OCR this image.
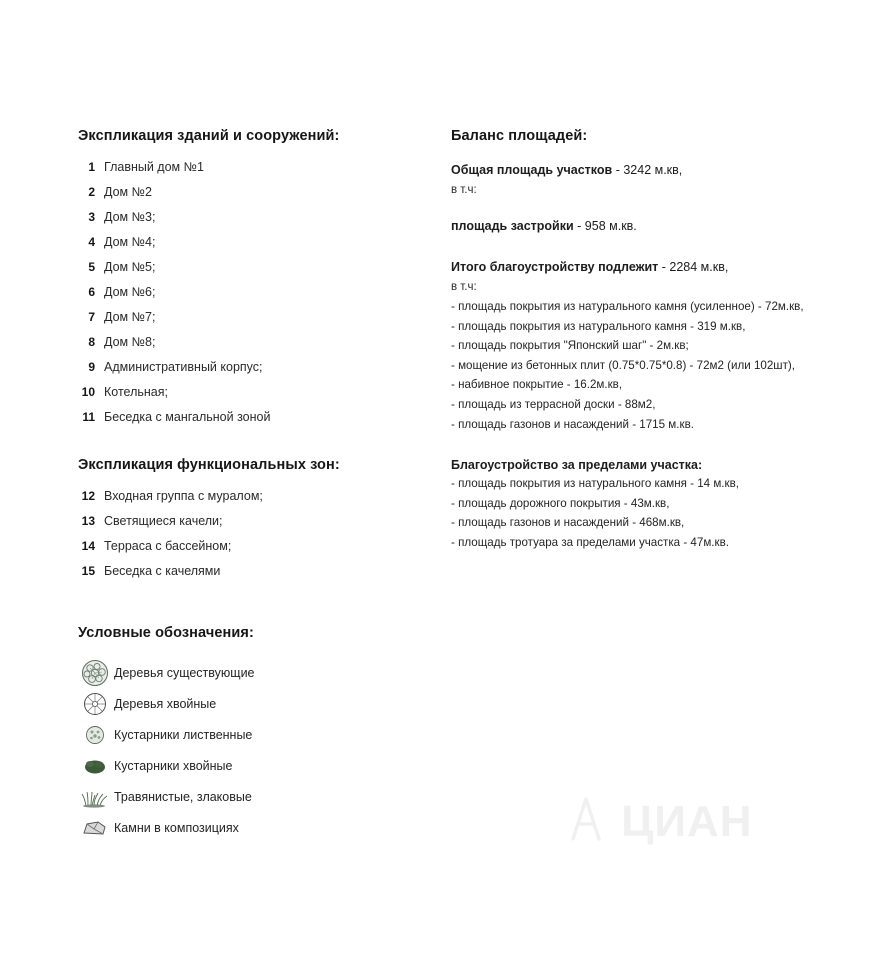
Экспликация зданий и сооружений:
1 Главный дом №1
2 Дом №2
3 Дом №3;
4 Дом №4;
5 Дом №5;
6 Дом №6;
7 Дом №7;
8 Дом №8;
9 Административный корпус;
10 Котельная;
11 Беседка с мангальной зоной
Экспликация функциональных зон:
12 Входная группа с муралом;
13 Светящиеся качели;
14 Терраса с бассейном;
15 Беседка с качелями
Условные обозначения:
Деревья существующие
Деревья хвойные
Кустарники лиственные
Кустарники хвойные
Травянистые, злаковые
Камни в композициях
Баланс площадей:

Общая площадь участков - 3242 м.кв,

в т.ч:

площадь застройки - 958 м.кв.

Итого благоустройству подлежит - 2284 м.кв,

в т.ч:

- площадь покрытия из натурального камня (усиленное) - 72м.кв,
- площадь покрытия из натурального камня - 319 м.кв,
- площадь покрытия "Японский шаг" - 2м.кв;
- мощение из бетонных плит (0.75*0.75*0.8) - 72м2 (или 102шт),
- набивное покрытие - 16.2м.кв,
- площадь из террасной доски - 88м2,
- площадь газонов и насаждений - 1715 м.кв.

Благоустройство за пределами участка:

- площадь покрытия из натурального камня - 14 м.кв,
- площадь дорожного покрытия - 43м.кв,
- площадь газонов и насаждений - 468м.кв,
- площадь тротуара за пределами участка - 47м.кв.
ЦИАН
